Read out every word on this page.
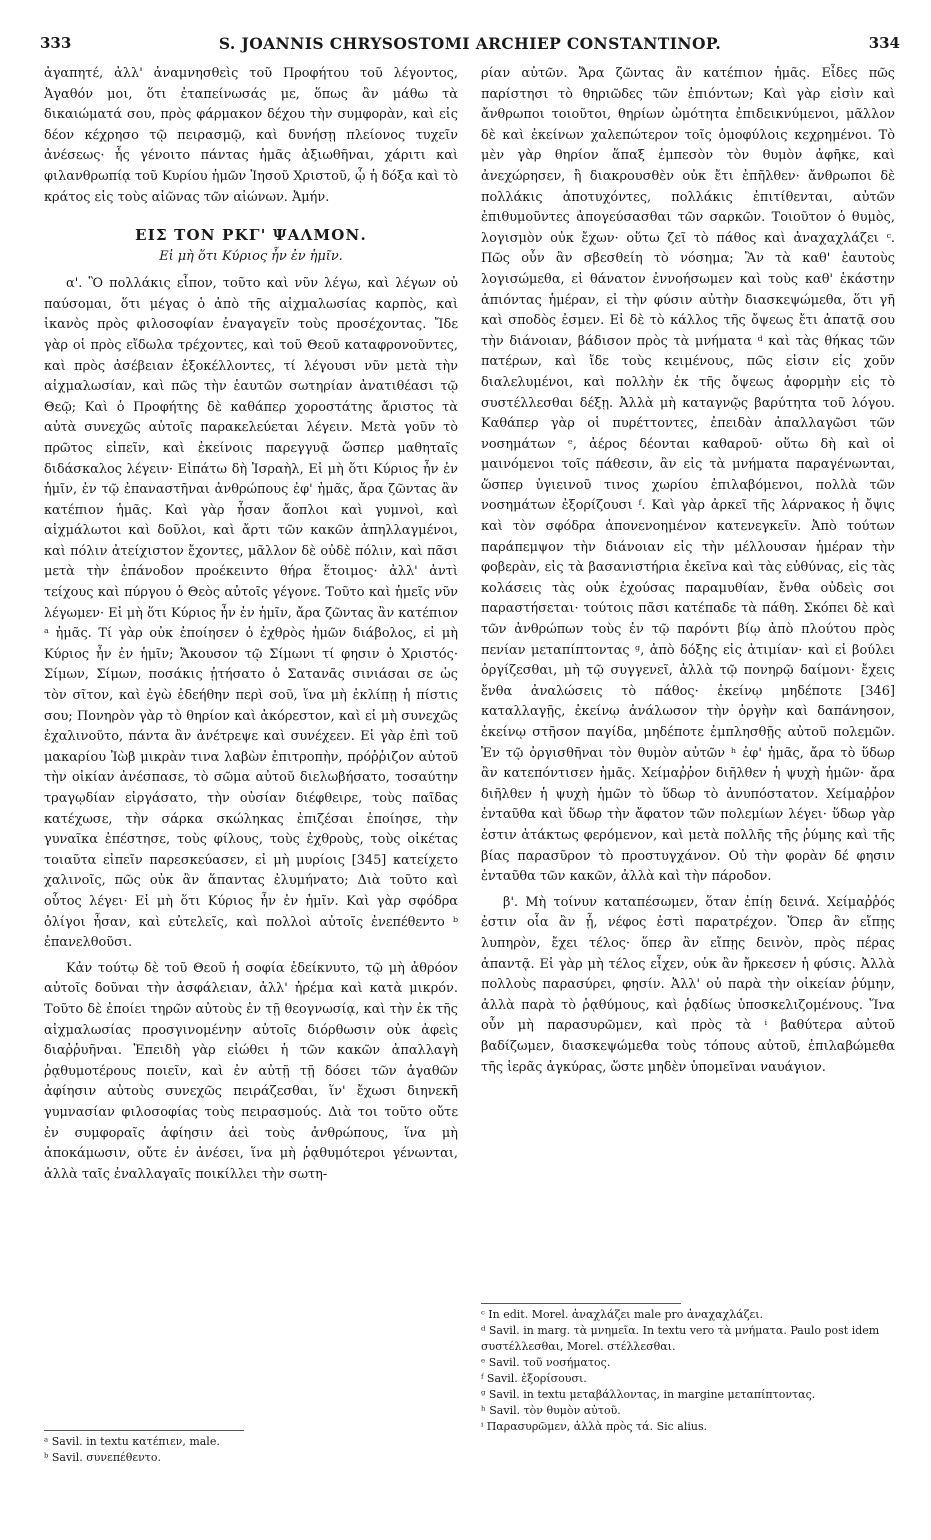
333	S. JOANNIS CHRYSOSTOMI ARCHIEP CONSTANTINOP.	334

ἀγαπητέ, ἀλλ' ἀναμνησθεὶς τοῦ Προφήτου τοῦ λέγοντος, Ἀγαθόν μοι, ὅτι ἐταπείνωσάς με, ὅπως ἂν μάθω τὰ δικαιώματά σου, πρὸς φάρμακον δέχου τὴν συμφορὰν, καὶ εἰς δέον κέχρησο τῷ πειρασμῷ, καὶ δυνήσῃ πλείονος τυχεῖν ἀνέσεως· ἧς γένοιτο πάντας ἡμᾶς ἀξιωθῆναι, χάριτι καὶ φιλανθρωπίᾳ τοῦ Κυρίου ἡμῶν Ἰησοῦ Χριστοῦ, ᾧ ἡ δόξα καὶ τὸ κράτος εἰς τοὺς αἰῶνας τῶν αἰώνων. Ἀμήν.

ΕΙΣ ΤΟΝ ΡΚΓ' ΨΑΛΜΟΝ.
Εἰ μὴ ὅτι Κύριος ἦν ἐν ἡμῖν.

α'. Ὃ πολλάκις εἶπον, τοῦτο καὶ νῦν λέγω, καὶ λέγων οὐ παύσομαι, ὅτι μέγας ὁ ἀπὸ τῆς αἰχμαλωσίας καρπὸς, καὶ ἱκανὸς πρὸς φιλοσοφίαν ἐναγαγεῖν τοὺς προσέχοντας. Ἴδε γὰρ οἱ πρὸς εἴδωλα τρέχοντες, καὶ τοῦ Θεοῦ καταφρονοῦντες, καὶ πρὸς ἀσέβειαν ἐξοκέλλοντες, τί λέγουσι νῦν μετὰ τὴν αἰχμαλωσίαν, καὶ πῶς τὴν ἑαυτῶν σωτηρίαν ἀνατιθέασι τῷ Θεῷ; Καὶ ὁ Προφήτης δὲ καθάπερ χοροστάτης ἄριστος τὰ αὐτὰ συνεχῶς αὐτοῖς παρακελεύεται λέγειν. Μετὰ γοῦν τὸ πρῶτος εἰπεῖν, καὶ ἐκείνοις παρεγγυᾷ ὥσπερ μαθηταῖς διδάσκαλος λέγειν· Εἰπάτω δὴ Ἰσραὴλ, Εἰ μὴ ὅτι Κύριος ἦν ἐν ἡμῖν, ἐν τῷ ἐπαναστῆναι ἀνθρώπους ἐφ' ἡμᾶς, ἄρα ζῶντας ἂν κατέπιον ἡμᾶς. Καὶ γὰρ ἦσαν ἄοπλοι καὶ γυμνοὶ, καὶ αἰχμάλωτοι καὶ δοῦλοι, καὶ ἄρτι τῶν κακῶν ἀπηλλαγμένοι, καὶ πόλιν ἀτείχιστον ἔχοντες, μᾶλλον δὲ οὐδὲ πόλιν, καὶ πᾶσι μετὰ τὴν ἐπάνοδον προέκειντο θήρα ἕτοιμος· ἀλλ' ἀντὶ τείχους καὶ πύργου ὁ Θεὸς αὐτοῖς γέγονε. Τοῦτο καὶ ἡμεῖς νῦν λέγωμεν· Εἰ μὴ ὅτι Κύριος ἦν ἐν ἡμῖν, ἄρα ζῶντας ἂν κατέπιον ᵃ ἡμᾶς. Τί γὰρ οὐκ ἐποίησεν ὁ ἐχθρὸς ἡμῶν διάβολος, εἰ μὴ Κύριος ἦν ἐν ἡμῖν; Ἄκουσον τῷ Σίμωνι τί φησιν ὁ Χριστός· Σίμων, Σίμων, ποσάκις ᾐτήσατο ὁ Σατανᾶς σινιάσαι σε ὡς τὸν σῖτον, καὶ ἐγὼ ἐδεήθην περὶ σοῦ, ἵνα μὴ ἐκλίπῃ ἡ πίστις σου; Πονηρὸν γὰρ τὸ θηρίον καὶ ἀκόρεστον, καὶ εἰ μὴ συνεχῶς ἐχαλινοῦτο, πάντα ἂν ἀνέτρεψε καὶ συνέχεεν. Εἰ γὰρ ἐπὶ τοῦ μακαρίου Ἰὼβ μικρὰν τινα λαβὼν ἐπιτροπὴν, πρόῤῥιζον αὐτοῦ τὴν οἰκίαν ἀνέσπασε, τὸ σῶμα αὐτοῦ διελωβήσατο, τοσαύτην τραγῳδίαν εἰργάσατο, τὴν οὐσίαν διέφθειρε, τοὺς παῖδας κατέχωσε, τὴν σάρκα σκώληκας ἐπιζέσαι ἐποίησε, τὴν γυναῖκα ἐπέστησε, τοὺς φίλους, τοὺς ἐχθροὺς, τοὺς οἰκέτας τοιαῦτα εἰπεῖν παρεσκεύασεν, εἰ μὴ μυρίοις [345] κατείχετο χαλινοῖς, πῶς οὐκ ἂν ἅπαντας ἐλυμήνατο; Διὰ τοῦτο καὶ οὗτος λέγει· Εἰ μὴ ὅτι Κύριος ἦν ἐν ἡμῖν. Καὶ γὰρ σφόδρα ὀλίγοι ἦσαν, καὶ εὐτελεῖς, καὶ πολλοὶ αὐτοῖς ἐνεπέθεντο ᵇ ἐπανελθοῦσι.

Κἀν τούτῳ δὲ τοῦ Θεοῦ ἡ σοφία ἐδείκνυτο, τῷ μὴ ἀθρόον αὐτοῖς δοῦναι τὴν ἀσφάλειαν, ἀλλ' ἠρέμα καὶ κατὰ μικρόν. Τοῦτο δὲ ἐποίει τηρῶν αὐτοὺς ἐν τῇ θεογνωσίᾳ, καὶ τὴν ἐκ τῆς αἰχμαλωσίας προσγινομένην αὐτοῖς διόρθωσιν οὐκ ἀφεὶς διαῤῥυῆναι. Ἐπειδὴ γὰρ εἰώθει ἡ τῶν κακῶν ἀπαλλαγὴ ῥᾳθυμοτέρους ποιεῖν, καὶ ἐν αὐτῇ τῇ δόσει τῶν ἀγαθῶν ἀφίησιν αὐτοὺς συνεχῶς πειράζεσθαι, ἵν' ἔχωσι διηνεκῆ γυμνασίαν φιλοσοφίας τοὺς πειρασμούς. Διὰ τοι τοῦτο οὔτε ἐν συμφοραῖς ἀφίησιν ἀεὶ τοὺς ἀνθρώπους, ἵνα μὴ ἀποκάμωσιν, οὔτε ἐν ἀνέσει, ἵνα μὴ ῥᾳθυμότεροι γένωνται, ἀλλὰ ταῖς ἐναλλαγαῖς ποικίλλει τὴν σωτη-

ρίαν αὐτῶν. Ἄρα ζῶντας ἂν κατέπιον ἡμᾶς. Εἶδες πῶς παρίστησι τὸ θηριῶδες τῶν ἐπιόντων; Καὶ γὰρ εἰσὶν καὶ ἄνθρωποι τοιοῦτοι, θηρίων ὠμότητα ἐπιδεικνύμενοι, μᾶλλον δὲ καὶ ἐκείνων χαλεπώτερον τοῖς ὁμοφύλοις κεχρημένοι. Τὸ μὲν γὰρ θηρίον ἅπαξ ἐμπεσὸν τὸν θυμὸν ἀφῆκε, καὶ ἀνεχώρησεν, ἢ διακρουσθὲν οὐκ ἔτι ἐπῆλθεν· ἄνθρωποι δὲ πολλάκις ἀποτυχόντες, πολλάκις ἐπιτίθενται, αὐτῶν ἐπιθυμοῦντες ἀπογεύσασθαι τῶν σαρκῶν. Τοιοῦτον ὁ θυμὸς, λογισμὸν οὐκ ἔχων· οὕτω ζεῖ τὸ πάθος καὶ ἀναχαχλάζει ᶜ. Πῶς οὖν ἂν σβεσθείη τὸ νόσημα; Ἂν τὰ καθ' ἑαυτοὺς λογισώμεθα, εἰ θάνατον ἐννοήσωμεν καὶ τοὺς καθ' ἑκάστην ἀπιόντας ἡμέραν, εἰ τὴν φύσιν αὐτὴν διασκεψώμεθα, ὅτι γῆ καὶ σποδὸς ἐσμεν. Εἰ δὲ τὸ κάλλος τῆς ὄψεως ἔτι ἀπατᾷ σου τὴν διάνοιαν, βάδισον πρὸς τὰ μνήματα ᵈ καὶ τὰς θήκας τῶν πατέρων, καὶ ἴδε τοὺς κειμένους, πῶς εἰσιν εἰς χοῦν διαλελυμένοι, καὶ πολλὴν ἐκ τῆς ὄψεως ἀφορμὴν εἰς τὸ συστέλλεσθαι δέξῃ. Ἀλλὰ μὴ καταγνῷς βαρύτητα τοῦ λόγου. Καθάπερ γὰρ οἱ πυρέττοντες, ἐπειδὰν ἀπαλλαγῶσι τῶν νοσημάτων ᵉ, ἀέρος δέονται καθαροῦ· οὕτω δὴ καὶ οἱ μαινόμενοι τοῖς πάθεσιν, ἂν εἰς τὰ μνήματα παραγένωνται, ὥσπερ ὑγιεινοῦ τινος χωρίου ἐπιλαβόμενοι, πολλὰ τῶν νοσημάτων ἐξορίζουσι ᶠ. Καὶ γὰρ ἀρκεῖ τῆς λάρνακος ἡ ὄψις καὶ τὸν σφόδρα ἀπονενοημένον κατενεγκεῖν. Ἀπὸ τούτων παράπεμψον τὴν διάνοιαν εἰς τὴν μέλλουσαν ἡμέραν τὴν φοβερὰν, εἰς τὰ βασανιστήρια ἐκεῖνα καὶ τὰς εὐθύνας, εἰς τὰς κολάσεις τὰς οὐκ ἐχούσας παραμυθίαν, ἔνθα οὐδεὶς σοι παραστήσεται· τούτοις πᾶσι κατέπαδε τὰ πάθη. Σκόπει δὲ καὶ τῶν ἀνθρώπων τοὺς ἐν τῷ παρόντι βίῳ ἀπὸ πλούτου πρὸς πενίαν μεταπίπτοντας ᵍ, ἀπὸ δόξης εἰς ἀτιμίαν· καὶ εἰ βούλει ὀργίζεσθαι, μὴ τῷ συγγενεῖ, ἀλλὰ τῷ πονηρῷ δαίμονι· ἔχεις ἔνθα ἀναλώσεις τὸ πάθος· ἐκείνῳ μηδέποτε [346] καταλλαγῇς, ἐκείνῳ ἀνάλωσον τὴν ὀργὴν καὶ δαπάνησον, ἐκείνῳ στῆσον παγίδα, μηδέποτε ἐμπλησθῇς αὐτοῦ πολεμῶν. Ἐν τῷ ὀργισθῆναι τὸν θυμὸν αὐτῶν ʰ ἐφ' ἡμᾶς, ἄρα τὸ ὕδωρ ἂν κατεπόντισεν ἡμᾶς. Χείμαῤῥον διῆλθεν ἡ ψυχὴ ἡμῶν· ἄρα διῆλθεν ἡ ψυχὴ ἡμῶν τὸ ὕδωρ τὸ ἀνυπόστατον. Χείμαῤῥον ἐνταῦθα καὶ ὕδωρ τὴν ἄφατον τῶν πολεμίων λέγει· ὕδωρ γὰρ ἐστιν ἀτάκτως φερόμενον, καὶ μετὰ πολλῆς τῆς ῥύμης καὶ τῆς βίας παρασῦρον τὸ προστυγχάνον. Οὐ τὴν φορὰν δέ φησιν ἐνταῦθα τῶν κακῶν, ἀλλὰ καὶ τὴν πάροδον.

β'. Μὴ τοίνυν καταπέσωμεν, ὅταν ἐπίῃ δεινά. Χείμαῤῥός ἐστιν οἷα ἂν ᾖ, νέφος ἐστὶ παρατρέχον. Ὅπερ ἂν εἴπῃς λυπηρὸν, ἔχει τέλος· ὅπερ ἂν εἴπῃς δεινὸν, πρὸς πέρας ἀπαντᾷ. Εἰ γὰρ μὴ τέλος εἶχεν, οὐκ ἂν ἤρκεσεν ἡ φύσις. Ἀλλὰ πολλοὺς παρασύρει, φησίν. Ἀλλ' οὐ παρὰ τὴν οἰκείαν ῥύμην, ἀλλὰ παρὰ τὸ ῥᾳθύμους, καὶ ῥᾳδίως ὑποσκελιζομένους. Ἵνα οὖν μὴ παρασυρῶμεν, καὶ πρὸς τὰ ⁱ βαθύτερα αὐτοῦ βαδίζωμεν, διασκεψώμεθα τοὺς τόπους αὐτοῦ, ἐπιλαβώμεθα τῆς ἱερᾶς ἀγκύρας, ὥστε μηδὲν ὑπομεῖναι ναυάγιον.

ᵃ Savil. in textu κατέπιεν, male.

ᵇ Savil. συνεπέθεντο.

ᶜ In edit. Morel. ἀναχλάζει male pro ἀναχαχλάζει.

ᵈ Savil. in marg. τὰ μνημεῖα. In textu vero τὰ μνήματα. Paulo post idem συστέλλεσθαι, Morel. στέλλεσθαι.

ᵉ Savil. τοῦ νοσήματος.

ᶠ Savil. ἐξορίσουσι.

ᵍ Savil. in textu μεταβάλλοντας, in margine μεταπίπτοντας.

ʰ Savil. τὸν θυμὸν αὐτοῦ.

ⁱ Παρασυρῶμεν, ἀλλὰ πρὸς τά. Sic alius.
